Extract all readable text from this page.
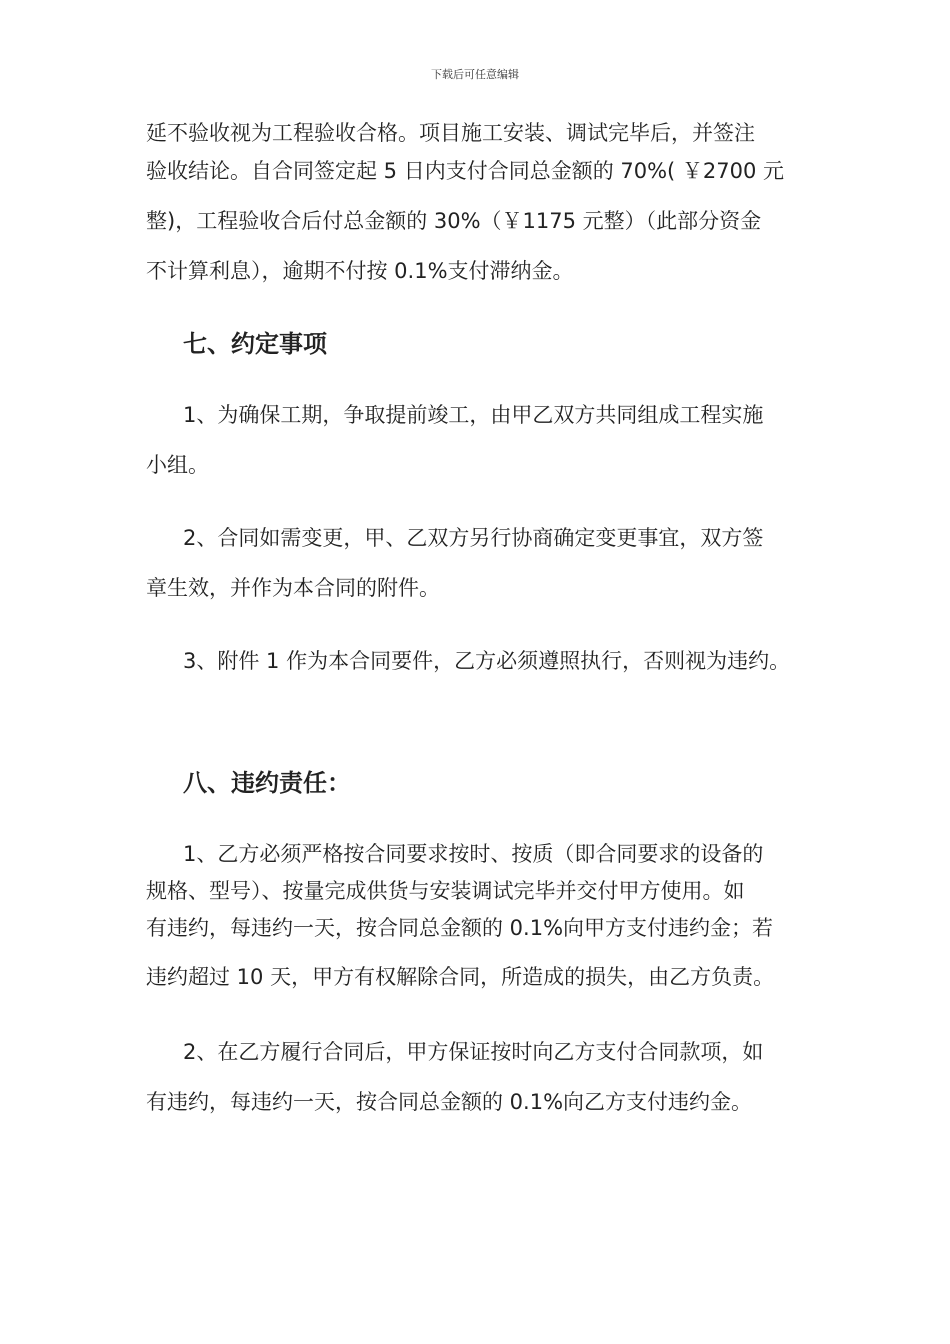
下载后可任意编辑
延不验收视为工程验收合格。项目施工安装、调试完毕后，并签注
验收结论。自合同签定起 5 日内支付合同总金额的 70%( ￥2700 元
整)，工程验收合后付总金额的 30%（￥1175 元整）（此部分资金
不计算利息），逾期不付按 0.1%支付滞纳金。
七、约定事项
1、为确保工期，争取提前竣工，由甲乙双方共同组成工程实施
小组。
2、合同如需变更，甲、乙双方另行协商确定变更事宜，双方签
章生效，并作为本合同的附件。
3、附件 1 作为本合同要件，乙方必须遵照执行，否则视为违约。
八、违约责任：
1、乙方必须严格按合同要求按时、按质（即合同要求的设备的
规格、型号）、按量完成供货与安装调试完毕并交付甲方使用。如
有违约，每违约一天，按合同总金额的 0.1%向甲方支付违约金；若
违约超过 10 天，甲方有权解除合同，所造成的损失，由乙方负责。
2、在乙方履行合同后，甲方保证按时向乙方支付合同款项，如
有违约，每违约一天，按合同总金额的 0.1%向乙方支付违约金。
